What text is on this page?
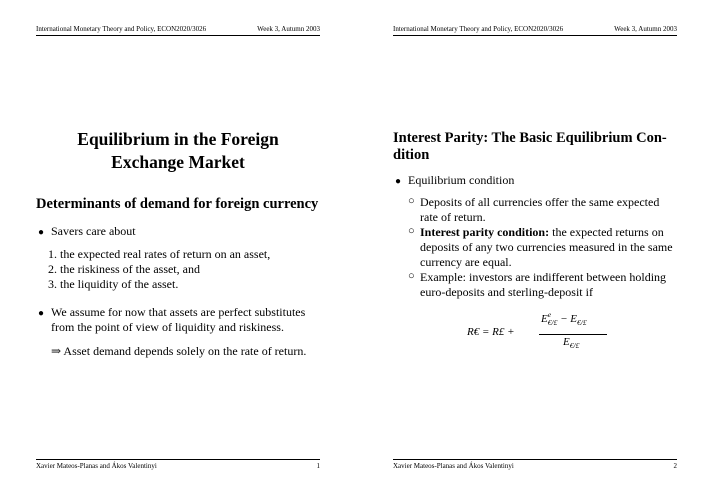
International Monetary Theory and Policy, ECON2020/3026	Week 3, Autumn 2003
Equilibrium in the Foreign
Exchange Market
Determinants of demand for foreign currency
● Savers care about
1. the expected real rates of return on an asset,
2. the riskiness of the asset, and
3. the liquidity of the asset.
● We assume for now that assets are perfect substitutes
from the point of view of liquidity and riskiness.
⇒ Asset demand depends solely on the rate of return.
Xavier Mateos-Planas and Ákos Valentinyi	1
International Monetary Theory and Policy, ECON2020/3026	Week 3, Autumn 2003
Interest Parity: The Basic Equilibrium Con-
dition
● Equilibrium condition
○ Deposits of all currencies offer the same expected
rate of return.
○ Interest parity condition: the expected returns on
deposits of any two currencies measured in the same
currency are equal.
○ Example: investors are indifferent between holding
euro-deposits and sterling-deposit if
R€ = R£ +
E e
$_{€/£} - E_{€/£}$
$E_{€/£}$
Xavier Mateos-Planas and Ákos Valentinyi	2
